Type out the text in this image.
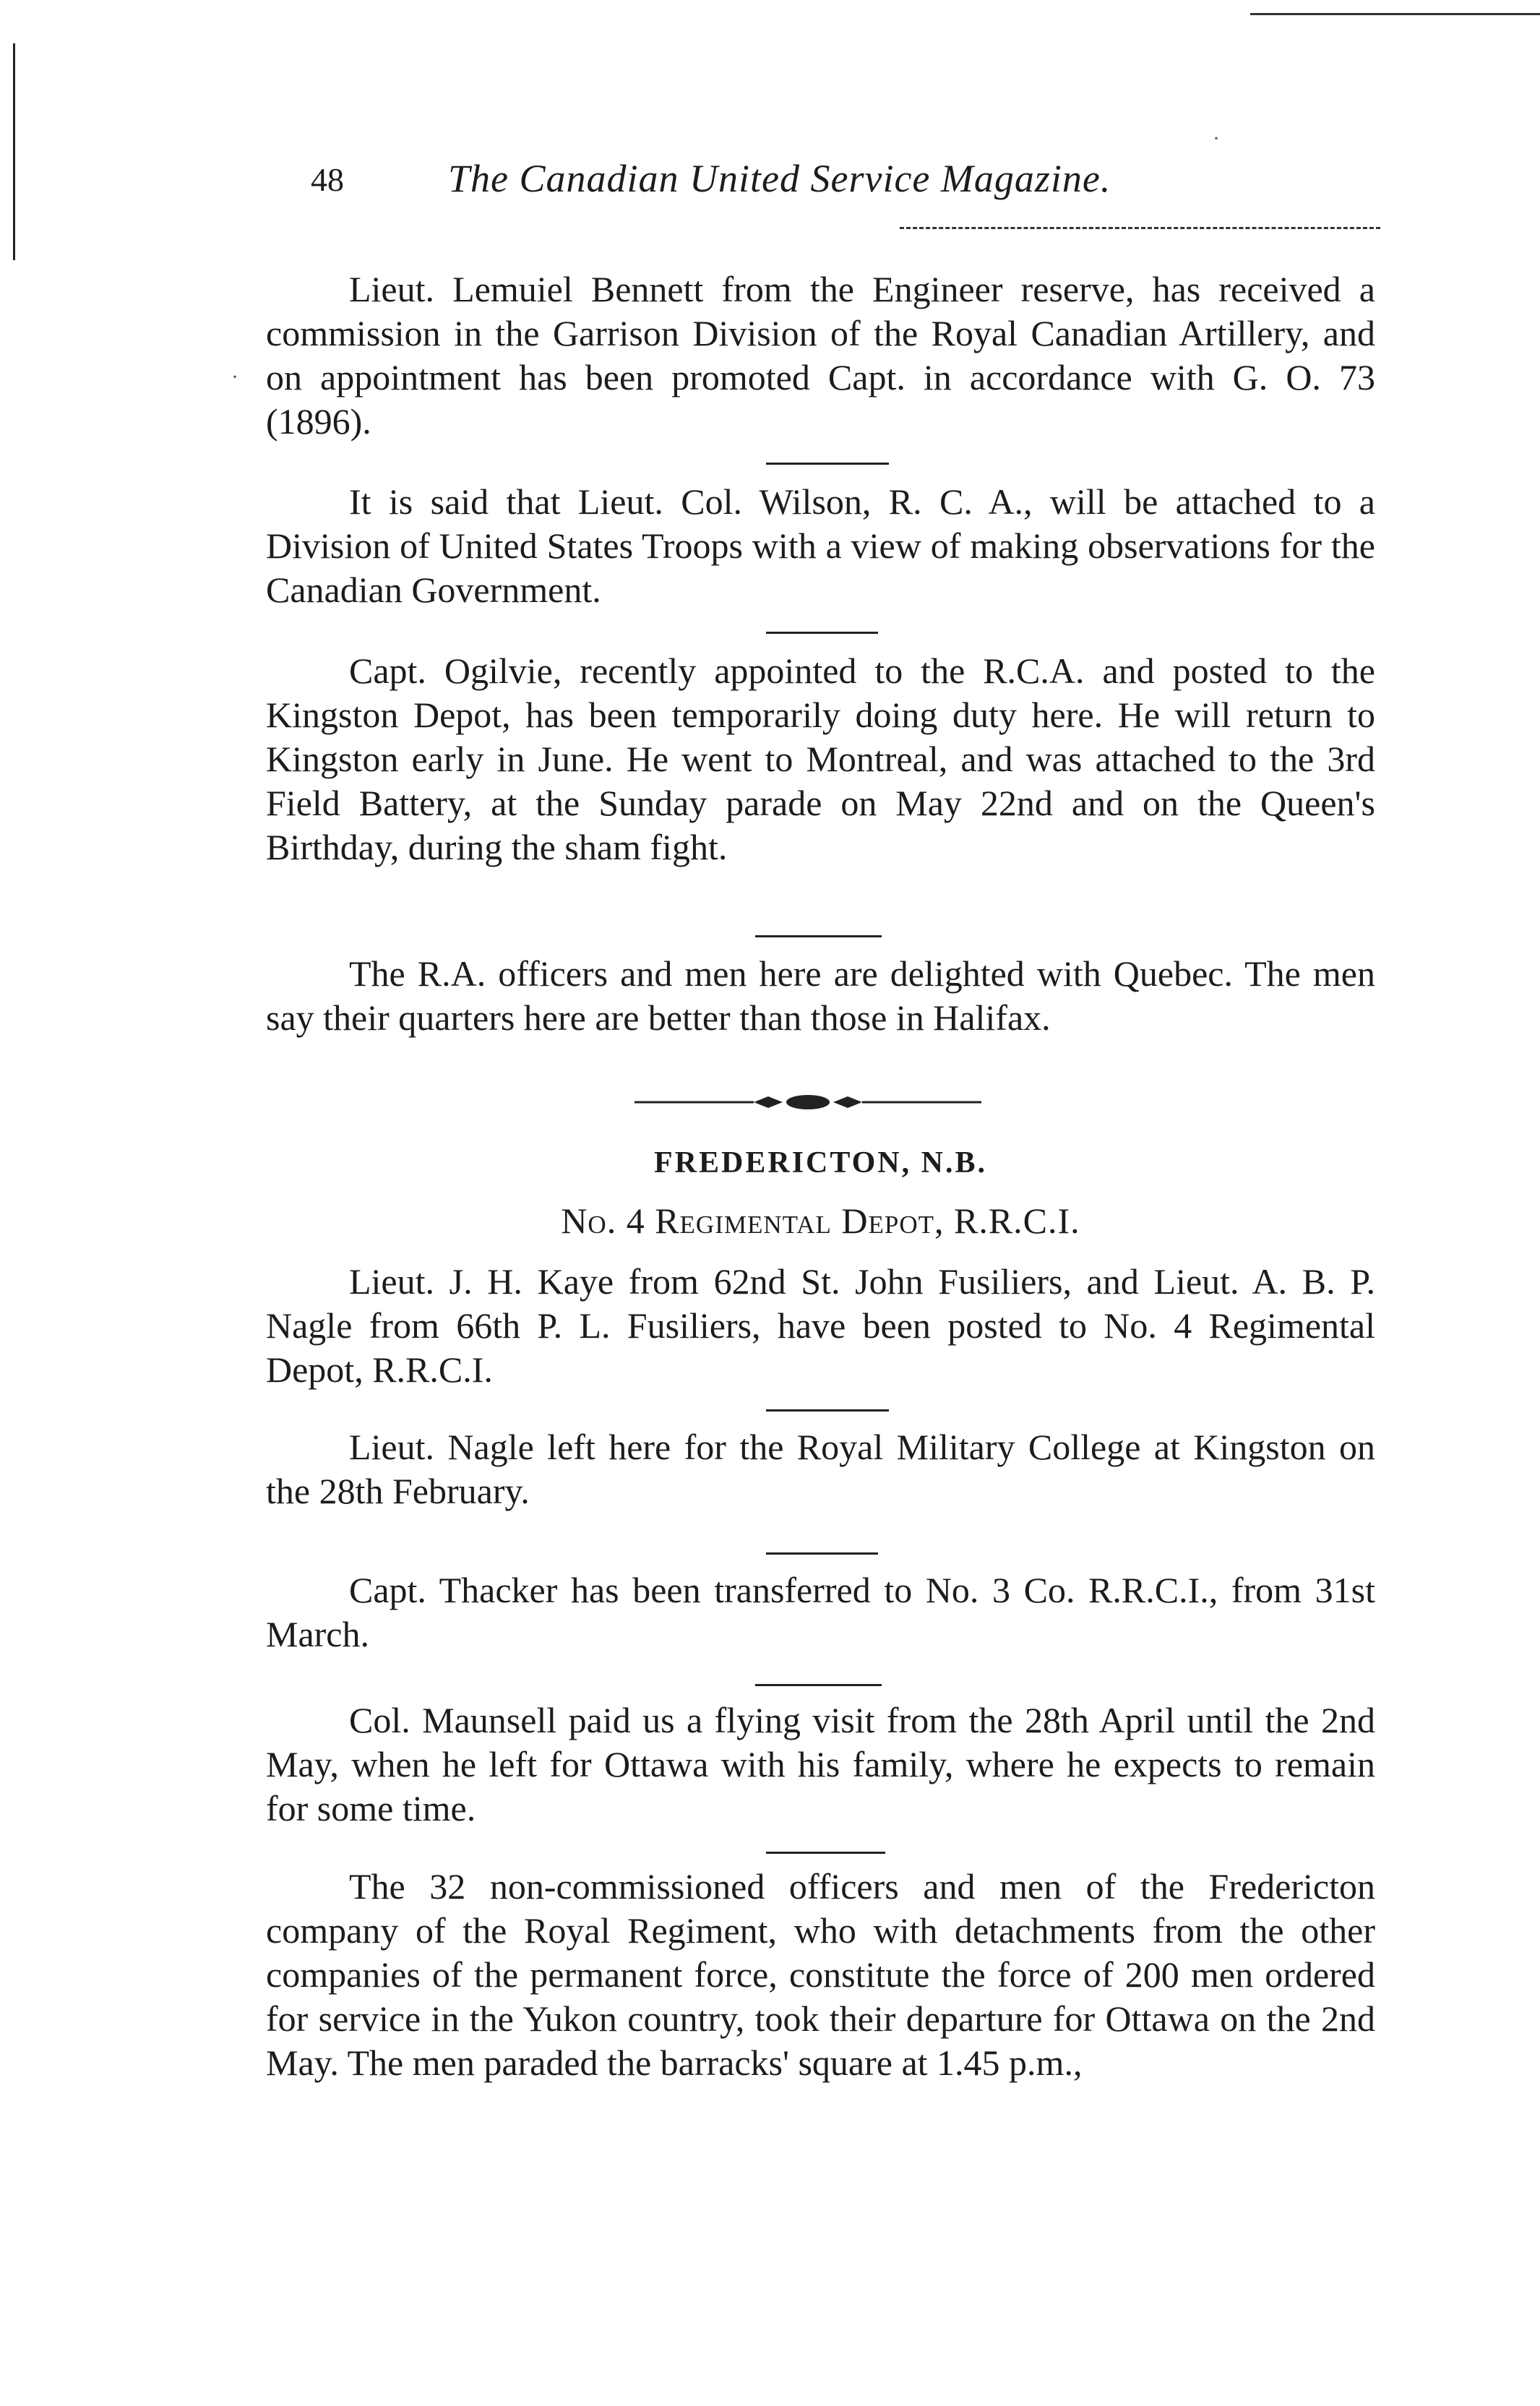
48	The Canadian United Service Magazine.

Lieut. Lemuiel Bennett from the Engineer reserve, has received a commission in the Garrison Division of the Royal Canadian Artillery, and on appointment has been promoted Capt. in accordance with G. O. 73 (1896).

It is said that Lieut. Col. Wilson, R. C. A., will be attached to a Division of United States Troops with a view of making observations for the Canadian Government.

Capt. Ogilvie, recently appointed to the R.C.A. and posted to the Kingston Depot, has been temporarily doing duty here. He will return to Kingston early in June. He went to Montreal, and was attached to the 3rd Field Battery, at the Sunday parade on May 22nd and on the Queen's Birthday, during the sham fight.

The R.A. officers and men here are delighted with Quebec. The men say their quarters here are better than those in Halifax.

FREDERICTON, N.B.
No. 4 Regimental Depot, R.R.C.I.

Lieut. J. H. Kaye from 62nd St. John Fusiliers, and Lieut. A. B. P. Nagle from 66th P. L. Fusiliers, have been posted to No. 4 Regimental Depot, R.R.C.I.

Lieut. Nagle left here for the Royal Military College at Kingston on the 28th February.

Capt. Thacker has been transferred to No. 3 Co. R.R.C.I., from 31st March.

Col. Maunsell paid us a flying visit from the 28th April until the 2nd May, when he left for Ottawa with his family, where he expects to remain for some time.

The 32 non-commissioned officers and men of the Fredericton company of the Royal Regiment, who with detachments from the other companies of the permanent force, constitute the force of 200 men ordered for service in the Yukon country, took their departure for Ottawa on the 2nd May. The men paraded the barracks' square at 1.45 p.m.,

·
·
